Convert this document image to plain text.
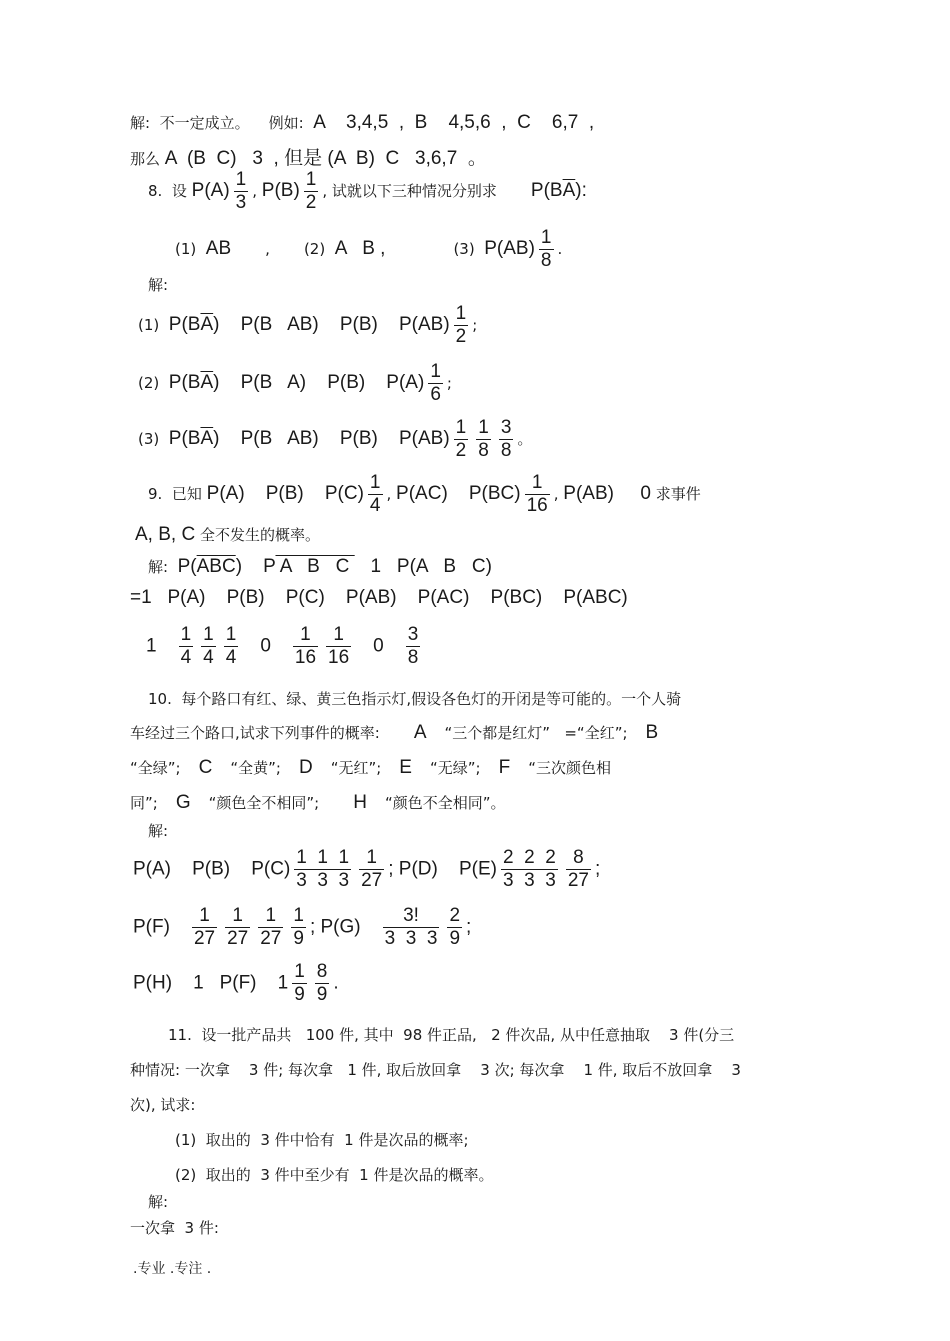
解:  不一定成立。    例如: A    3,4,5  ,  B    4,5,6  ,  C    6,7  ,
那么 A  (B  C)   3  , 但是 (A  B)  C   3,6,7  。
8.  设 $P(A) \frac{1}{3}$ , $P(B) \frac{1}{2}$ , 试就以下三种情况分别求 $P(B\overline{A})$:
(1) AB , (2) A   B ,	(3) $P(AB) \frac{1}{8}$ .
解:
(1) $P(B\overline{A})$    P(B   AB)    P(B)    $P(AB) \frac{1}{2}$ ;
(2) $P(B\overline{A})$    P(B   A)    P(B)    $P(A) \frac{1}{6}$ ;
(3) $P(B\overline{A})$    P(B   AB)    P(B)    $P(AB) \frac{1}{2} \frac{1}{8} \frac{3}{8}$ 。
9.  已知 P(A)    P(B)    $P(C) \frac{1}{4}$ , P(AC)    $P(BC) \frac{1}{16}$ , P(AB)     0 求事件
A, B, C 全不发生的概率。
解: $P(\overline{ABC})$ P A   B   C    1   P(A   B   C)
=1   P(A)    P(B)    P(C)    P(AB)    P(AC)    P(BC)    P(ABC)
$1 \frac{1}{4} \frac{1}{4} \frac{1}{4} 0 \frac{1}{16} \frac{1}{16} 0 \frac{3}{8}$
10.  每个路口有红、绿、黄三色指示灯,假设各色灯的开闭是等可能的。一个人骑
车经过三个路口,试求下列事件的概率: A “三个都是红灯”   =“全红”; B
“全绿”; C “全黄”; D “无红”; E “无绿”; F “三次颜色相
同”; G “颜色全不相同”; H “颜色不全相同”。
解:
P(A)    P(B)    $P(C) \frac{1 1 1}{3 3 3} \frac{1}{27}$ ; P(D)    $P(E) \frac{2 2 2}{3 3 3} \frac{8}{27}$ ;
$P(F) \frac{1}{27} \frac{1}{27} \frac{1}{27} \frac{1}{9}$ ; $P(G) \frac{3!}{3 3 3} \frac{2}{9}$ ;
P(H)    1   P(F)    $1 \frac{1}{9} \frac{8}{9}$ .
11.  设一批产品共   100 件, 其中  98 件正品,   2 件次品, 从中任意抽取    3 件(分三
种情况: 一次拿    3 件; 每次拿   1 件, 取后放回拿    3 次; 每次拿    1 件, 取后不放回拿    3
次), 试求:
(1)  取出的  3 件中恰有  1 件是次品的概率;
(2)  取出的  3 件中至少有  1 件是次品的概率。
解:
一次拿  3 件:
.专业 .专注 .
